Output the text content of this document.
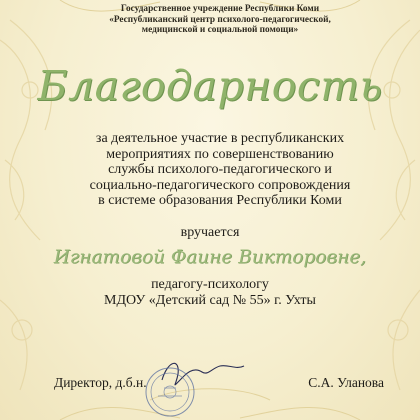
Государственное учреждение Республики Коми
«Республиканский центр психолого-педагогической,
медицинской и социальной помощи»
Благодарность
за деятельное участие в республиканских
мероприятиях по совершенствованию
службы психолого-педагогического и
социально-педагогического сопровождения
в системе образования Республики Коми
вручается
Игнатовой Фаине Викторовне,
педагогу-психологу
МДОУ «Детский сад № 55» г. Ухты
Директор, д.б.н.	С.А. Уланова
